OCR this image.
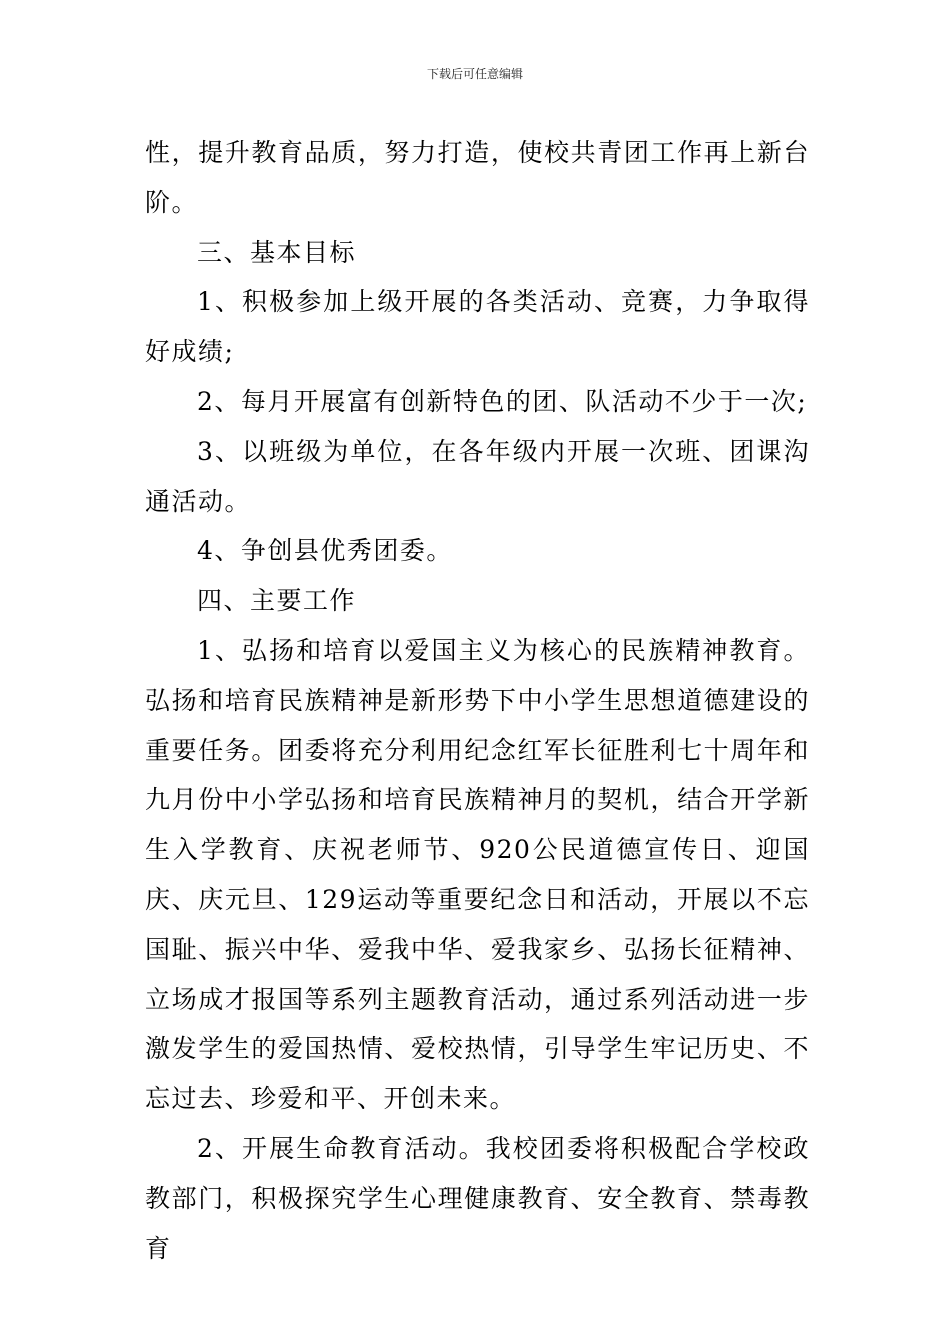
下载后可任意编辑

性，提升教育品质，努力打造，使校共青团工作再上新台阶。

三、基本目标

1、积极参加上级开展的各类活动、竞赛，力争取得好成绩;

2、每月开展富有创新特色的团、队活动不少于一次;

3、以班级为单位，在各年级内开展一次班、团课沟通活动。

4、争创县优秀团委。

四、主要工作

1、弘扬和培育以爱国主义为核心的民族精神教育。弘扬和培育民族精神是新形势下中小学生思想道德建设的重要任务。团委将充分利用纪念红军长征胜利七十周年和九月份中小学弘扬和培育民族精神月的契机，结合开学新生入学教育、庆祝老师节、920公民道德宣传日、迎国庆、庆元旦、129运动等重要纪念日和活动，开展以不忘国耻、振兴中华、爱我中华、爱我家乡、弘扬长征精神、立场成才报国等系列主题教育活动，通过系列活动进一步激发学生的爱国热情、爱校热情，引导学生牢记历史、不忘过去、珍爱和平、开创未来。

2、开展生命教育活动。我校团委将积极配合学校政教部门，积极探究学生心理健康教育、安全教育、禁毒教育
